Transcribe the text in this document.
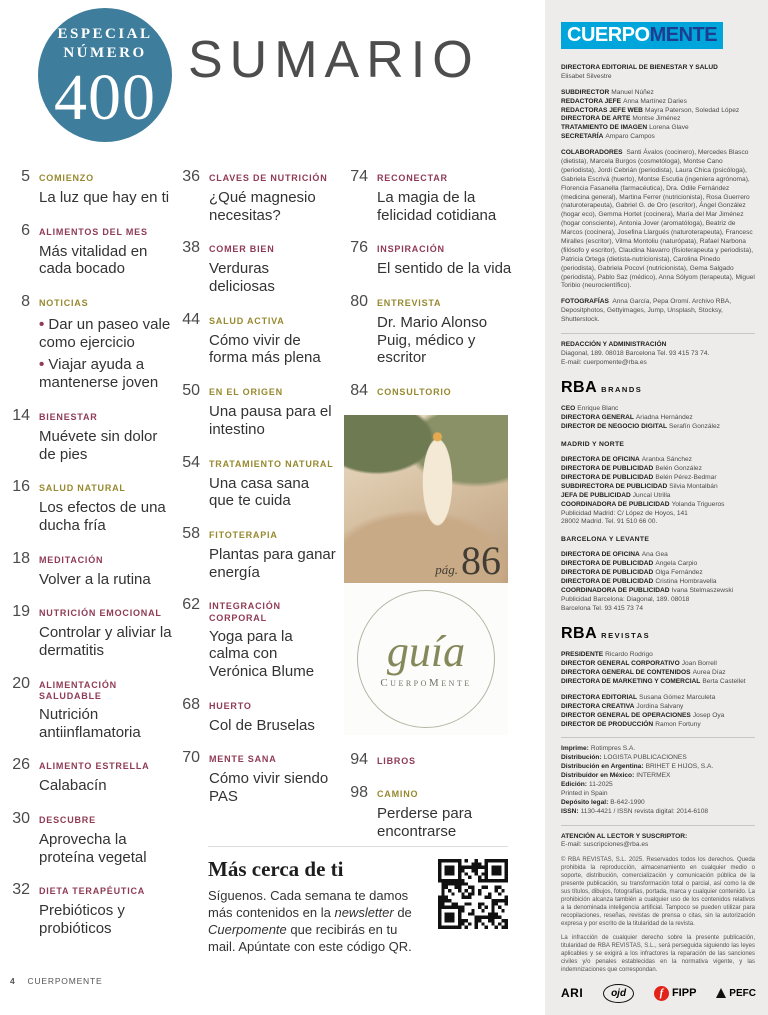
ESPECIAL
NÚMERO
400
SUMARIO
5 COMIENZO
La luz que hay en ti
6 ALIMENTOS DEL MES
Más vitalidad en cada bocado
8 NOTICIAS
• Dar un paseo vale como ejercicio
• Viajar ayuda a mantenerse joven
14 BIENESTAR
Muévete sin dolor de pies
16 SALUD NATURAL
Los efectos de una ducha fría
18 MEDITACIÓN
Volver a la rutina
19 NUTRICIÓN EMOCIONAL
Controlar y aliviar la dermatitis
20 ALIMENTACIÓN SALUDABLE
Nutrición antiinflamatoria
26 ALIMENTO ESTRELLA
Calabacín
30 DESCUBRE
Aprovecha la proteína vegetal
32 DIETA TERAPÉUTICA
Prebióticos y probióticos
36 CLAVES DE NUTRICIÓN
¿Qué magnesio necesitas?
38 COMER BIEN
Verduras deliciosas
44 SALUD ACTIVA
Cómo vivir de forma más plena
50 EN EL ORIGEN
Una pausa para el intestino
54 TRATAMIENTO NATURAL
Una casa sana que te cuida
58 FITOTERAPIA
Plantas para ganar energía
62 INTEGRACIÓN CORPORAL
Yoga para la calma con Verónica Blume
68 HUERTO
Col de Bruselas
70 MENTE SANA
Cómo vivir siendo PAS
74 RECONECTAR
La magia de la felicidad cotidiana
76 INSPIRACIÓN
El sentido de la vida
80 ENTREVISTA
Dr. Mario Alonso Puig, médico y escritor
84 CONSULTORIO
pág. 86
guía
CuerpoMente
94 LIBROS
98 CAMINO
Perderse para encontrarse
Más cerca de ti
Síguenos. Cada semana te damos más contenidos en la newsletter de Cuerpomente que recibirás en tu mail. Apúntate con este código QR.
4 CUERPOMENTE
CUERPOMENTE
DIRECTORA EDITORIAL DE BIENESTAR Y SALUD
Elisabet Silvestre
SUBDIRECTOR Manuel Núñez
REDACTORA JEFE Anna Martínez Daries
REDACTORAS JEFE WEB Mayra Paterson, Soledad López
DIRECTORA DE ARTE Montse Jiménez
TRATAMIENTO DE IMAGEN Lorena Glave
SECRETARÍA Amparo Campos
COLABORADORES Santi Ávalos (cocinero), Mercedes Blasco (dietista), Marcela Burgos (cosmetóloga), Montse Cano (periodista), Jordi Cebrián (periodista), Laura Chica (psicóloga), Gabriela Escrivá (huerto), Montse Escutia (ingeniera agrónoma), Florencia Fasanella (farmacéutica), Dra. Odile Fernández (medicina general), Martina Ferrer (nutricionista), Rosa Guerrero (naturoterapeuta), Gabriel G. de Oro (escritor), Ángel González (hogar eco), Gemma Hortet (cocinera), María del Mar Jiménez (hogar consciente), Antonia Jover (aromatóloga), Beatriz de Marcos (cocinera), Josefina Llargués (naturoterapeuta), Francesc Miralles (escritor), Vilma Montoliu (naturópata), Rafael Narbona (filósofo y escritor), Claudina Navarro (fisioterapeuta y periodista), Patricia Ortega (dietista-nutricionista), Carolina Pinedo (periodista), Gabriela Pocoví (nutricionista), Gema Salgado (periodista), Pablo Saz (médico), Anna Sólyom (terapeuta), Miguel Toribio (neurocientífico).
FOTOGRAFÍAS Anna García, Pepa Oromí. Archivo RBA, Depositphotos, Gettyimages, Jump, Unsplash, Stocksy, Shutterstock.
REDACCIÓN Y ADMINISTRACIÓN
Diagonal, 189. 08018 Barcelona Tel. 93 415 73 74.
E-mail: cuerpomente@rba.es
RBA BRANDS
CEO Enrique Blanc
DIRECTORA GENERAL Ariadna Hernández
DIRECTOR DE NEGOCIO DIGITAL Serafín González
MADRID Y NORTE
DIRECTORA DE OFICINA Arantxa Sánchez
DIRECTORA DE PUBLICIDAD Belén González
DIRECTORA DE PUBLICIDAD Belén Pérez-Bedmar
SUBDIRECTORA DE PUBLICIDAD Silvia Montalbán
JEFA DE PUBLICIDAD Juncal Utrilla
COORDINADORA DE PUBLICIDAD Yolanda Trigueros
Publicidad Madrid: C/ López de Hoyos, 141
28002 Madrid. Tel. 91 510 66 00.
BARCELONA Y LEVANTE
DIRECTORA DE OFICINA Ana Gea
DIRECTORA DE PUBLICIDAD Angela Carpio
DIRECTORA DE PUBLICIDAD Olga Fernández
DIRECTORA DE PUBLICIDAD Cristina Hombravella
COORDINADORA DE PUBLICIDAD Ivana Stelmaszewski
Publicidad Barcelona: Diagonal, 189. 08018
Barcelona Tel. 93 415 73 74
RBA REVISTAS
PRESIDENTE Ricardo Rodrigo
DIRECTOR GENERAL CORPORATIVO Joan Borrell
DIRECTORA GENERAL DE CONTENIDOS Aurea Díaz
DIRECTORA DE MARKETING Y COMERCIAL Berta Castellet
DIRECTORA EDITORIAL Susana Gómez Marculeta
DIRECTORA CREATIVA Jordina Salvany
DIRECTOR GENERAL DE OPERACIONES Josep Oya
DIRECTOR DE PRODUCCIÓN Ramon Fortuny
Imprime: Rotimpres S.A.
Distribución: LOGISTA PUBLICACIONES
Distribución en Argentina: BRIHET E HIJOS, S.A.
Distribuidor en México: INTERMEX
Edición: 11-2025
Printed in Spain
Depósito legal: B-642-1990
ISSN: 1130-4421 / ISSN revista digital: 2014-6108
ATENCIÓN AL LECTOR Y SUSCRIPTOR:
E-mail: suscripciones@rba.es

© RBA REVISTAS, S.L. 2025. Reservados todos los derechos. Queda prohibida la reproducción, almacenamiento en cualquier medio o soporte, distribución, comercialización y comunicación pública de la presente publicación, su transformación total o parcial, así como la de sus títulos, dibujos, fotografías, portada, marca y cualquier contenido. La prohibición alcanza también a cualquier uso de los contenidos relativos a la denominada inteligencia artificial. Tampoco se pueden utilizar para recopilaciones, reseñas, revistas de prensa o citas, sin la autorización expresa y por escrito de la titularidad de la revista.

La infracción de cualquier derecho sobre la presente publicación, titularidad de RBA REVISTAS, S.L., será perseguida siguiendo las leyes aplicables y se exigirá a los infractores la reparación de las sanciones civiles y/o penales establecidas en la normativa vigente, y las indemnizaciones que correspondan.

ARI	ojd	f FIPP	PEFC
